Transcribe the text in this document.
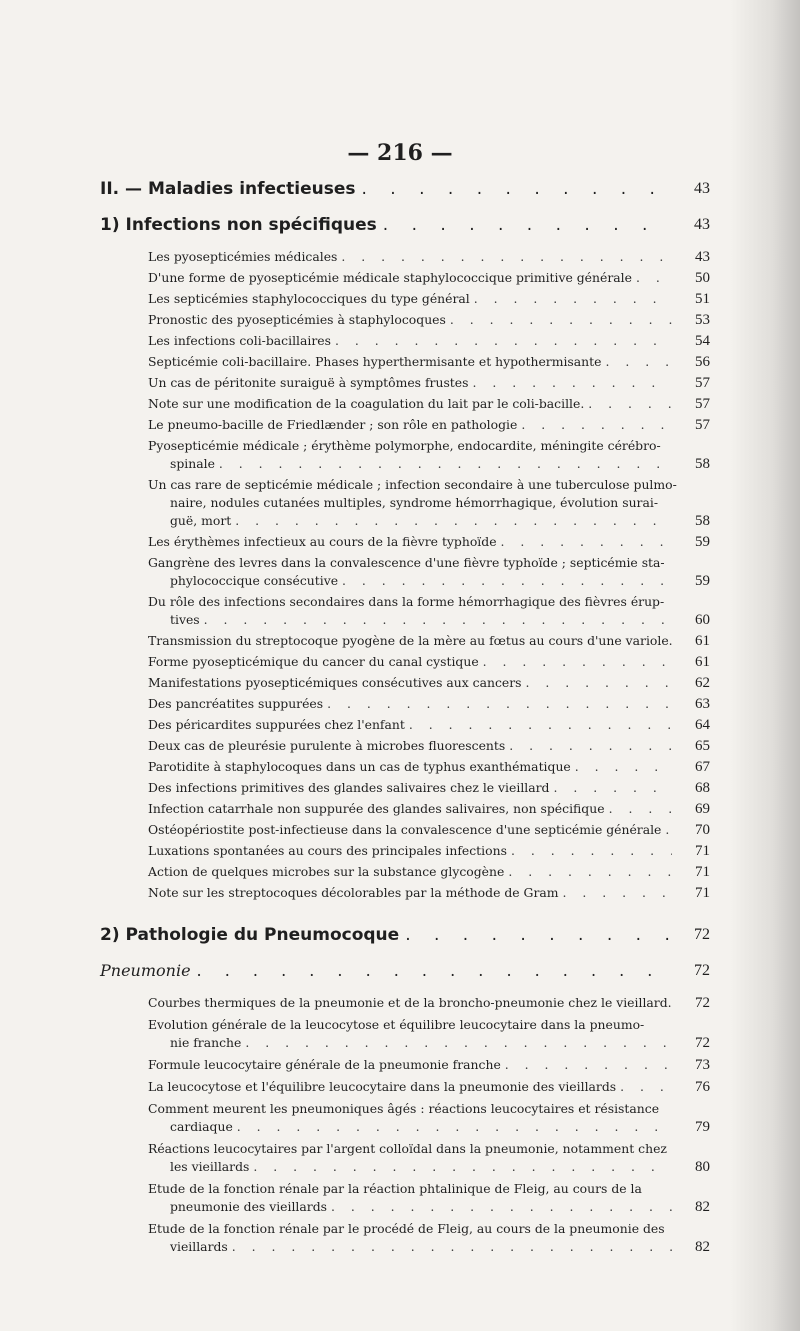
— 216 —
II. — Maladies infectieuses . . .	43
1) Infections non spécifiques . . .	43
Les pyosepticémies médicales . . .	43
D'une forme de pyosepticémie médicale staphylococcique primitive générale . . .	50
Les septicémies staphylococciques du type général . . .	51
Pronostic des pyosepticémies à staphylocoques . . .	53
Les infections coli-bacillaires . . .	54
Septicémie coli-bacillaire. Phases hyperthermisante et hypothermisante . . .	56
Un cas de péritonite suraiguë à symptômes frustes . . .	57
Note sur une modification de la coagulation du lait par le coli-bacille. . . .	57
Le pneumo-bacille de Friedlænder ; son rôle en pathologie . . .	57
Pyosepticémie médicale ; érythème polymorphe, endocardite, méningite cérébro-
spinale . . .	58
Un cas rare de septicémie médicale ; infection secondaire à une tuberculose pulmo-
naire, nodules cutanées multiples, syndrome hémorrhagique, évolution surai-
guë, mort . . .	58
Les érythèmes infectieux au cours de la fièvre typhoïde . . .	59
Gangrène des levres dans la convalescence d'une fièvre typhoïde ; septicémie sta-
phylococcique consécutive . . .	59
Du rôle des infections secondaires dans la forme hémorrhagique des fièvres érup-
tives . . .	60
Transmission du streptocoque pyogène de la mère au fœtus au cours d'une variole.	61
Forme pyosepticémique du cancer du canal cystique . . .	61
Manifestations pyosepticémiques consécutives aux cancers . . .	62
Des pancréatites suppurées . . .	63
Des péricardites suppurées chez l'enfant . . .	64
Deux cas de pleurésie purulente à microbes fluorescents . . .	65
Parotidite à staphylocoques dans un cas de typhus exanthématique . . .	67
Des infections primitives des glandes salivaires chez le vieillard . . .	68
Infection catarrhale non suppurée des glandes salivaires, non spécifique . . .	69
Ostéopériostite post-infectieuse dans la convalescence d'une septicémie générale . . .	70
Luxations spontanées au cours des principales infections . . .	71
Action de quelques microbes sur la substance glycogène . . .	71
Note sur les streptocoques décolorables par la méthode de Gram . . .	71
2) Pathologie du Pneumocoque . . .	72
Pneumonie . . .	72
Courbes thermiques de la pneumonie et de la broncho-pneumonie chez le vieillard.	72
Evolution générale de la leucocytose et équilibre leucocytaire dans la pneumo-
nie franche . . .	72
Formule leucocytaire générale de la pneumonie franche . . .	73
La leucocytose et l'équilibre leucocytaire dans la pneumonie des vieillards . . .	76
Comment meurent les pneumoniques âgés : réactions leucocytaires et résistance
cardiaque . . .	79
Réactions leucocytaires par l'argent colloïdal dans la pneumonie, notamment chez
les vieillards . . .	80
Etude de la fonction rénale par la réaction phtalinique de Fleig, au cours de la
pneumonie des vieillards . . .	82
Etude de la fonction rénale par le procédé de Fleig, au cours de la pneumonie des
vieillards . . .	82
